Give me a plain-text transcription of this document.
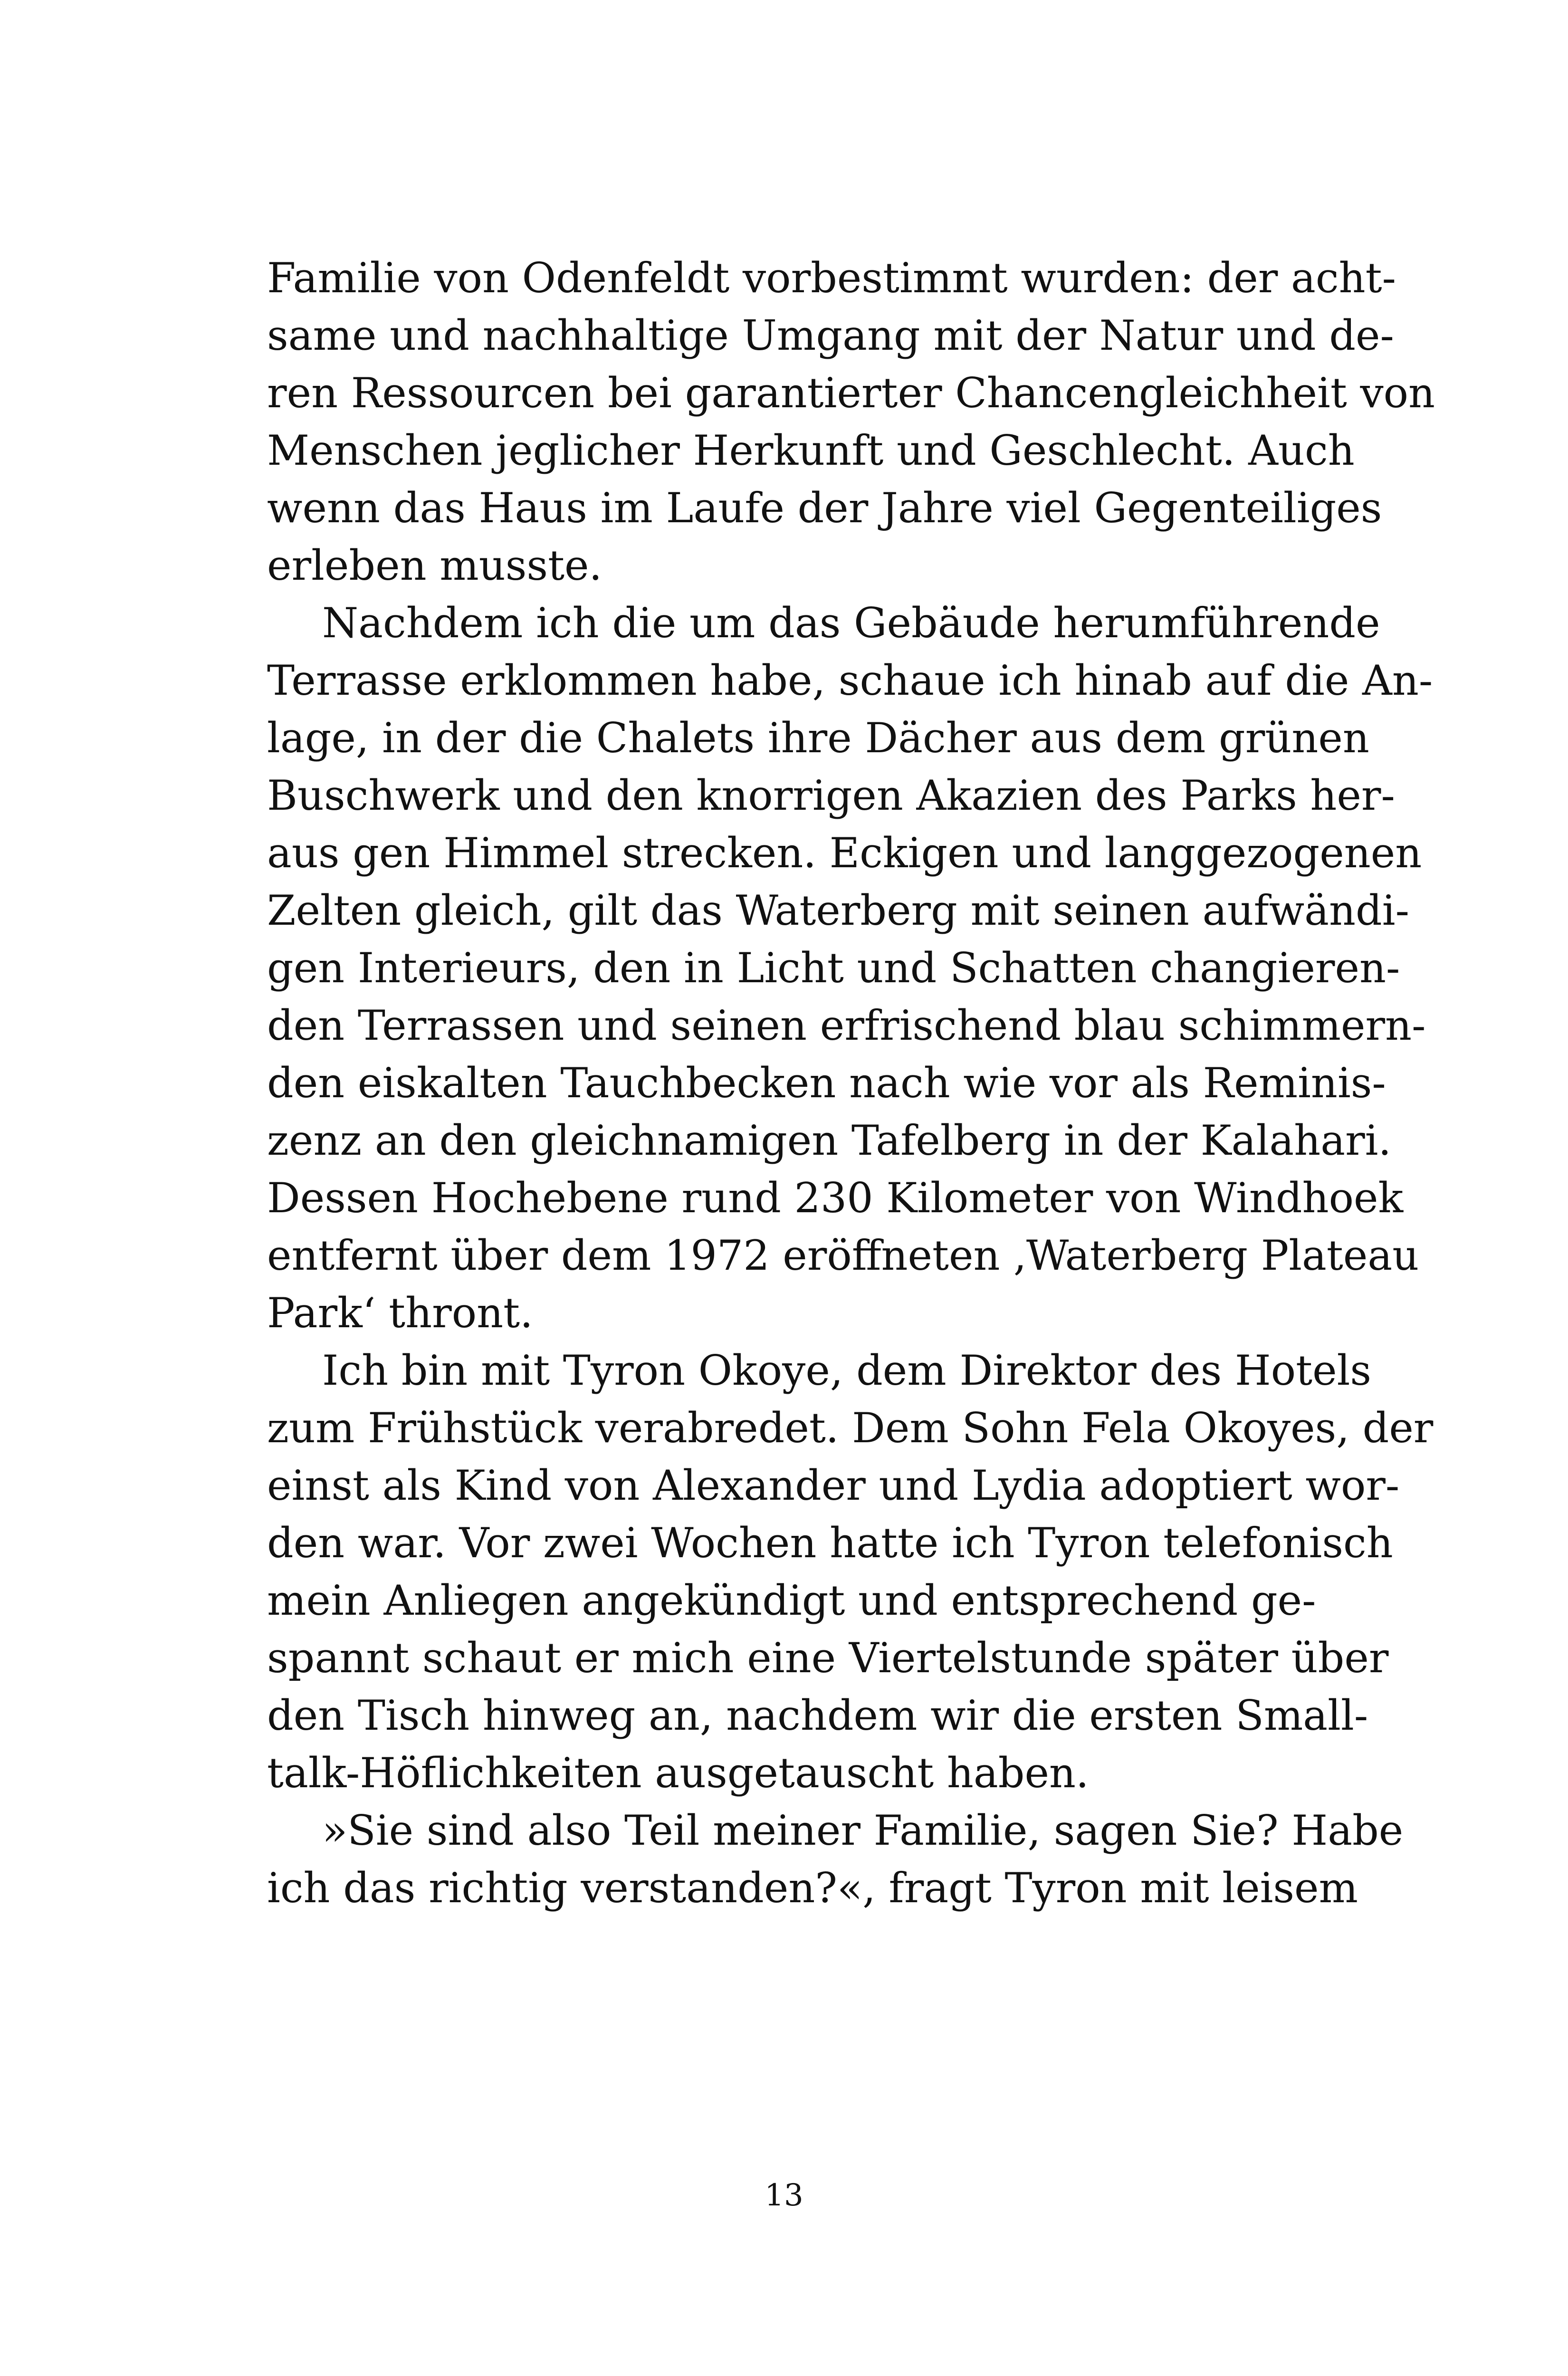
Familie von Odenfeldt vorbestimmt wurden: der acht-
same und nachhaltige Umgang mit der Natur und de-
ren Ressourcen bei garantierter Chancengleichheit von
Menschen jeglicher Herkunft und Geschlecht. Auch
wenn das Haus im Laufe der Jahre viel Gegenteiliges
erleben musste.
Nachdem ich die um das Gebäude herumführende
Terrasse erklommen habe, schaue ich hinab auf die An-
lage, in der die Chalets ihre Dächer aus dem grünen
Buschwerk und den knorrigen Akazien des Parks her-
aus gen Himmel strecken. Eckigen und langgezogenen
Zelten gleich, gilt das Waterberg mit seinen aufwändi-
gen Interieurs, den in Licht und Schatten changieren-
den Terrassen und seinen erfrischend blau schimmern-
den eiskalten Tauchbecken nach wie vor als Reminis-
zenz an den gleichnamigen Tafelberg in der Kalahari.
Dessen Hochebene rund 230 Kilometer von Windhoek
entfernt über dem 1972 eröffneten ‚Waterberg Plateau
Park‘ thront.
Ich bin mit Tyron Okoye, dem Direktor des Hotels
zum Frühstück verabredet. Dem Sohn Fela Okoyes, der
einst als Kind von Alexander und Lydia adoptiert wor-
den war. Vor zwei Wochen hatte ich Tyron telefonisch
mein Anliegen angekündigt und entsprechend ge-
spannt schaut er mich eine Viertelstunde später über
den Tisch hinweg an, nachdem wir die ersten Small-
talk-Höflichkeiten ausgetauscht haben.
»Sie sind also Teil meiner Familie, sagen Sie? Habe
ich das richtig verstanden?«, fragt Tyron mit leisem
13
